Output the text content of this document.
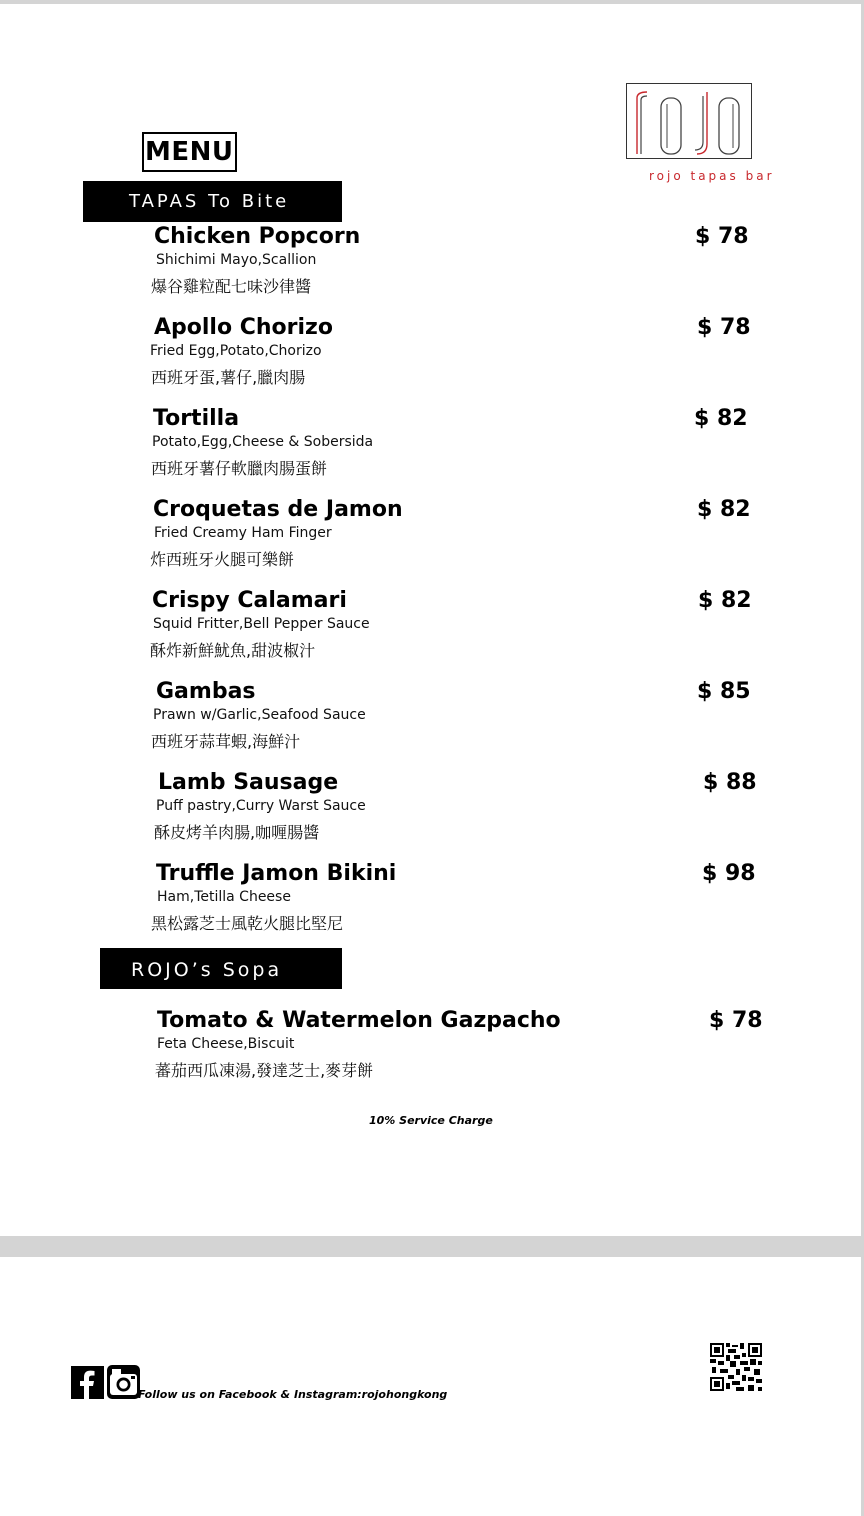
MENU
rojo tapas bar
TAPAS To Bite
Chicken Popcorn
Shichimi Mayo,Scallion
爆谷雞粒配七味沙律醬
$ 78
Apollo Chorizo
Fried Egg,Potato,Chorizo
西班牙蛋,薯仔,臘肉腸
$ 78
Tortilla
Potato,Egg,Cheese & Sobersida
西班牙薯仔軟臘肉腸蛋餅
$ 82
Croquetas de Jamon
Fried Creamy Ham Finger
炸西班牙火腿可樂餅
$ 82
Crispy Calamari
Squid Fritter,Bell Pepper Sauce
酥炸新鮮魷魚,甜波椒汁
$ 82
Gambas
Prawn w/Garlic,Seafood Sauce
西班牙蒜茸蝦,海鮮汁
$ 85
Lamb Sausage
Puff pastry,Curry Warst Sauce
酥皮烤羊肉腸,咖喱腸醬
$ 88
Truffle Jamon Bikini
Ham,Tetilla Cheese
黑松露芝士風乾火腿比堅尼
$ 98
ROJO’s Sopa
Tomato & Watermelon Gazpacho
Feta Cheese,Biscuit
蕃茄西瓜凍湯,發達芝士,麥芽餅
$ 78
10% Service Charge
Follow us on Facebook & Instagram:rojohongkong
